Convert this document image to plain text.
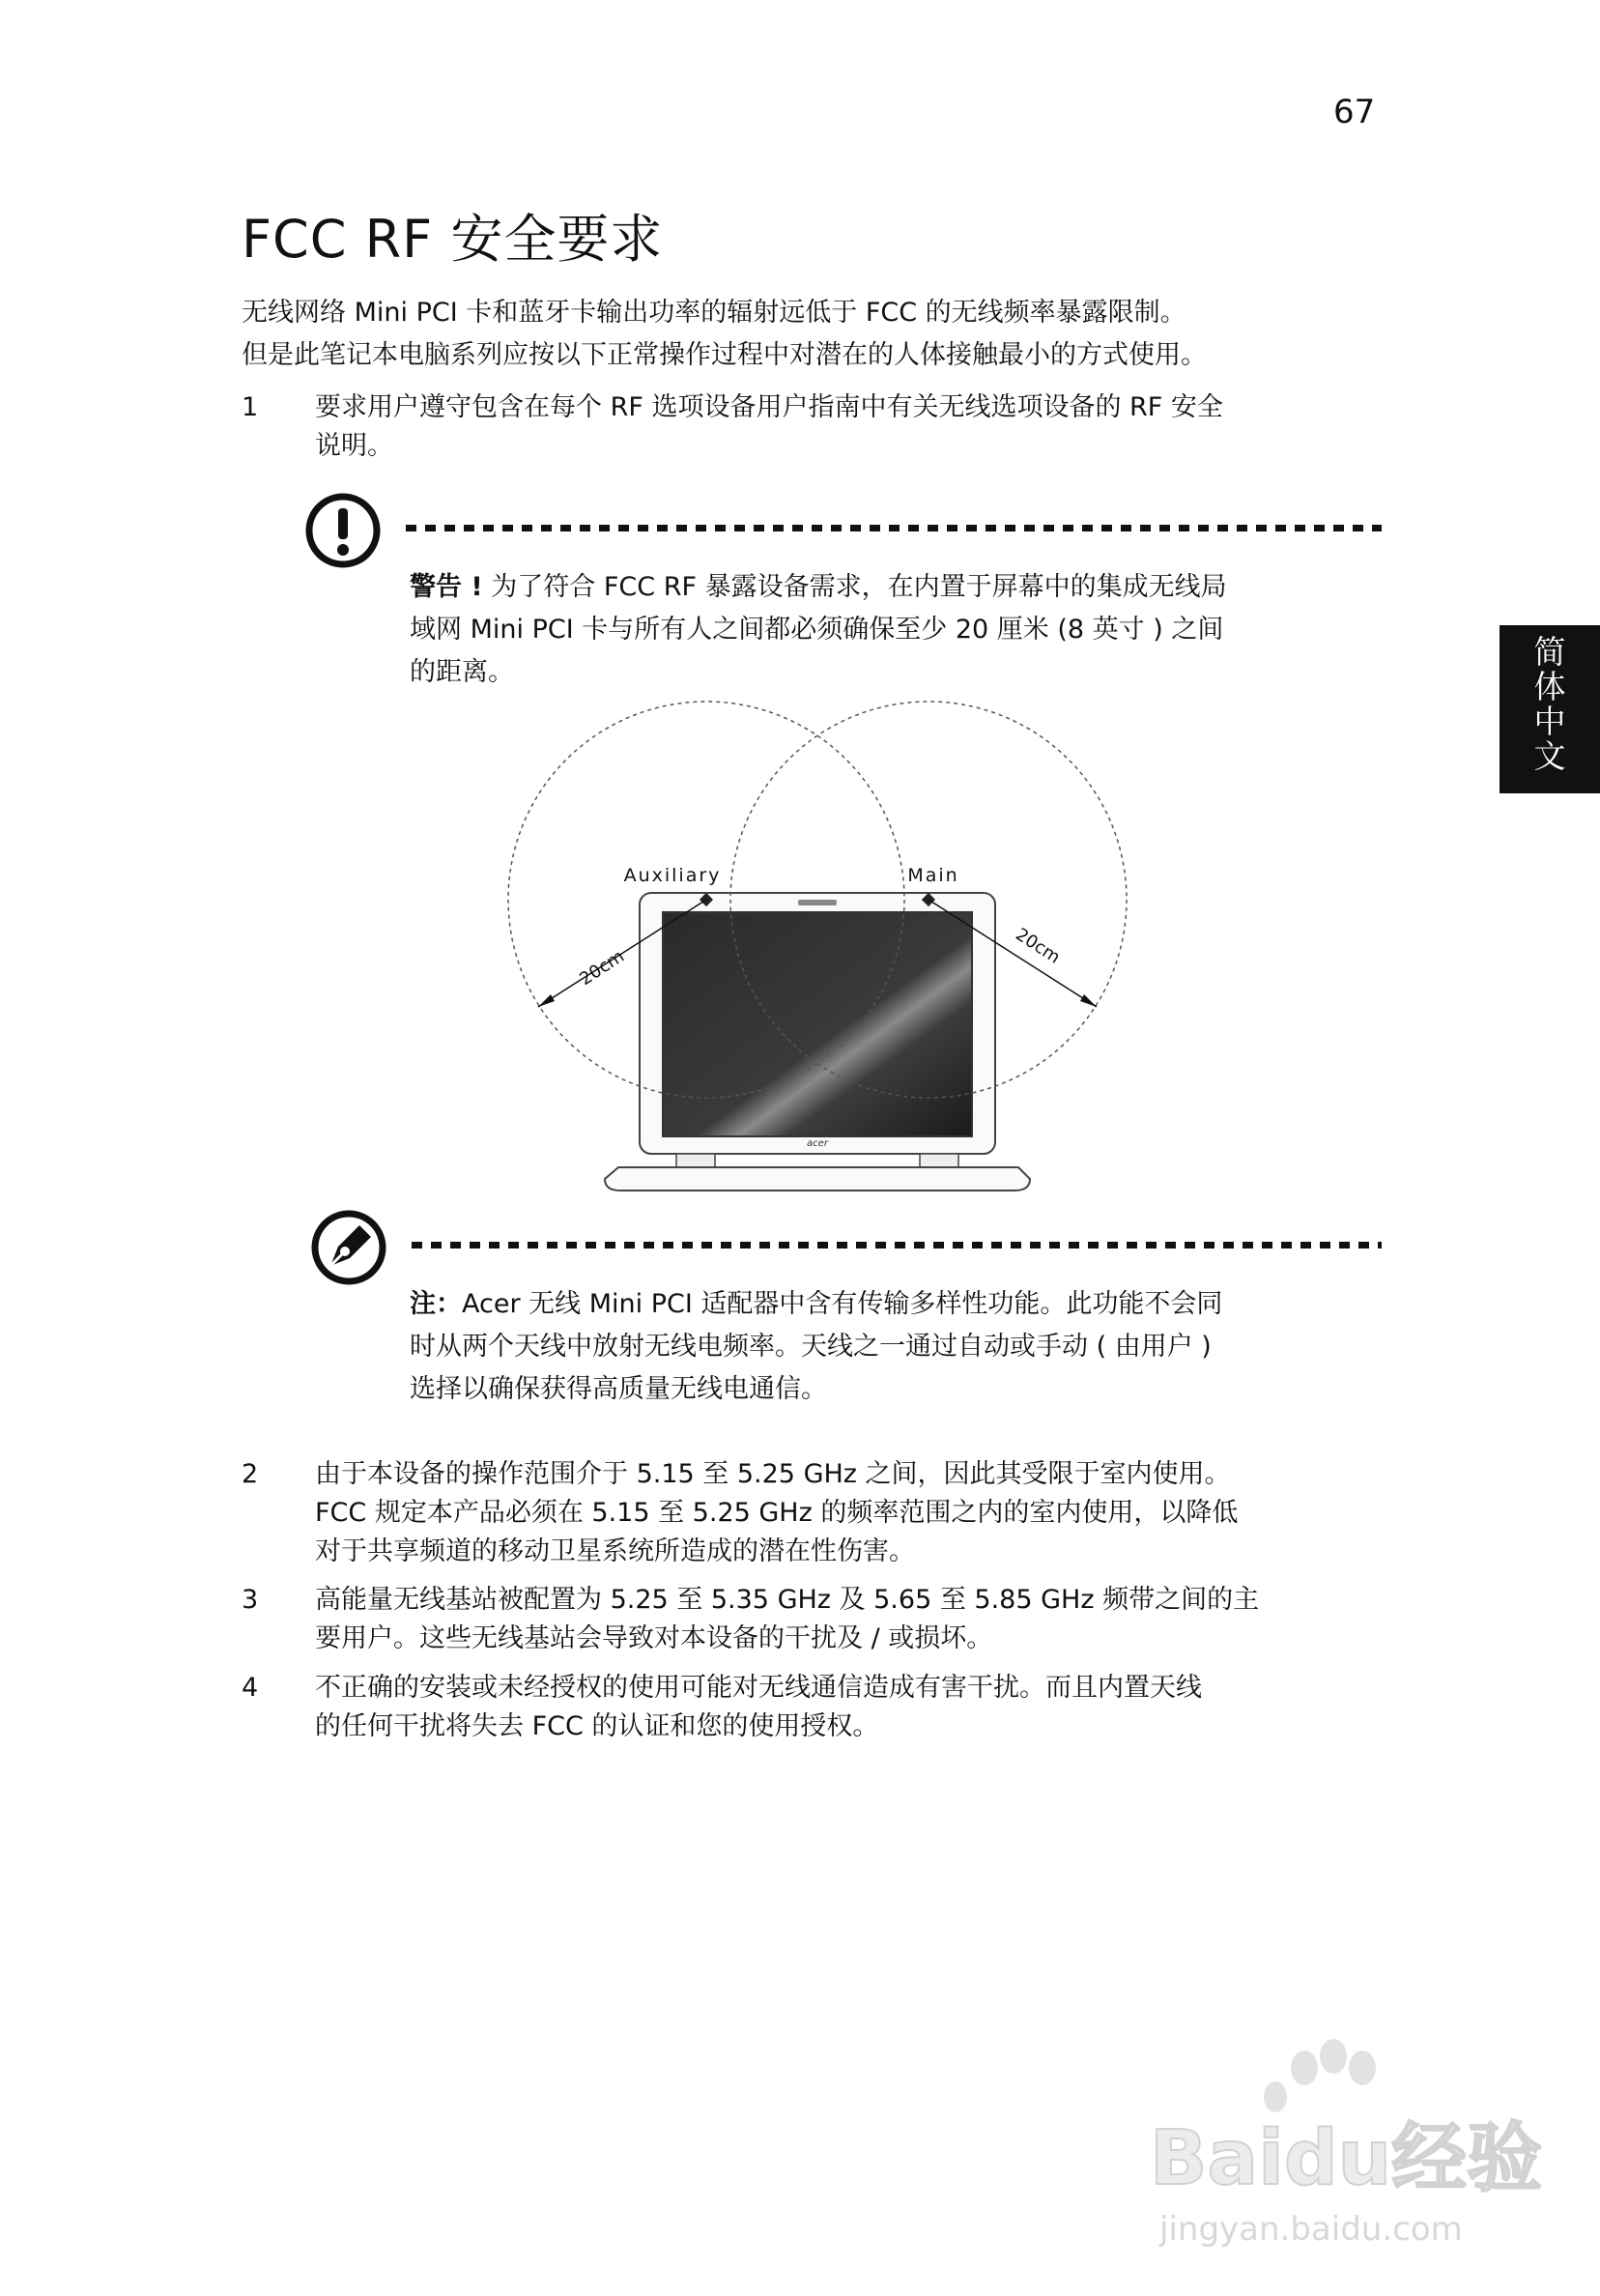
67
FCC RF 安全要求
简
体
中
文
无线网络 Mini PCI 卡和蓝牙卡输出功率的辐射远低于 FCC 的无线频率暴露限制。
但是此笔记本电脑系列应按以下正常操作过程中对潜在的人体接触最小的方式使用。
1	要求用户遵守包含在每个 RF 选项设备用户指南中有关无线选项设备的 RF 安全
说明。
警告 ! 为了符合 FCC RF 暴露设备需求，在内置于屏幕中的集成无线局
域网 Mini PCI 卡与所有人之间都必须确保至少 20 厘米 (8 英寸 ) 之间
的距离。
acer
Auxiliary	Main
20cm
20cm
注：Acer 无线 Mini PCI 适配器中含有传输多样性功能。此功能不会同
时从两个天线中放射无线电频率。天线之一通过自动或手动 ( 由用户 )
选择以确保获得高质量无线电通信。
2	由于本设备的操作范围介于 5.15 至 5.25 GHz 之间，因此其受限于室内使用。
FCC 规定本产品必须在 5.15 至 5.25 GHz 的频率范围之内的室内使用，以降低
对于共享频道的移动卫星系统所造成的潜在性伤害。
3	高能量无线基站被配置为 5.25 至 5.35 GHz 及 5.65 至 5.85 GHz 频带之间的主
要用户。这些无线基站会导致对本设备的干扰及 / 或损坏。
4	不正确的安装或未经授权的使用可能对无线通信造成有害干扰。而且内置天线
的任何干扰将失去 FCC 的认证和您的使用授权。
Baidu经验
jingyan.baidu.com
